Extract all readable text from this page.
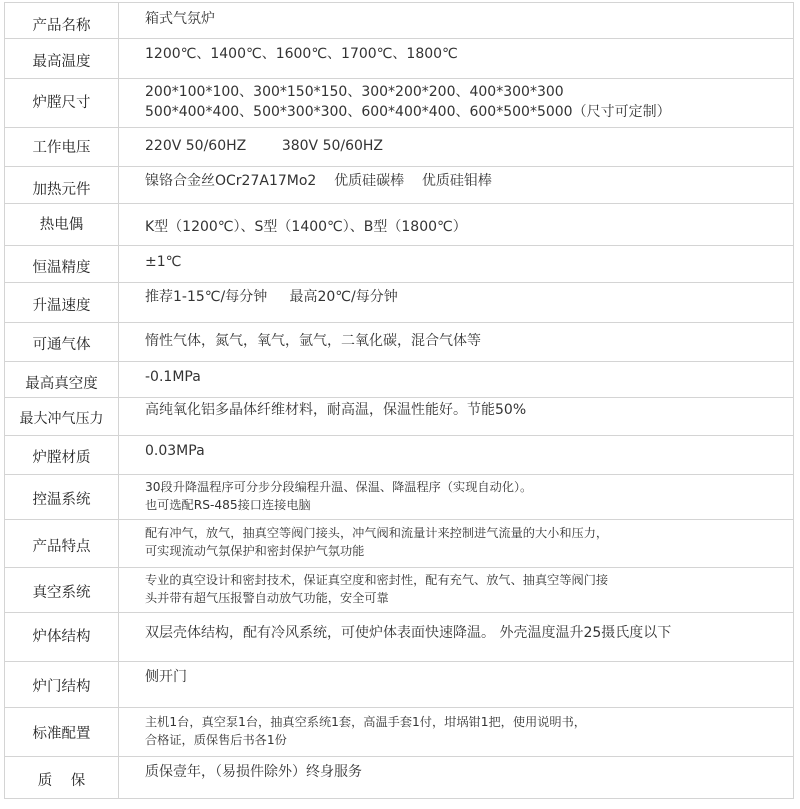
产品名称	箱式气氛炉

最高温度	1200℃、1400℃、1600℃、1700℃、1800℃

炉膛尺寸	200*100*100、300*150*150、300*200*200、400*300*300
500*400*400、500*300*300、600*400*400、600*500*5000（尺寸可定制）

工作电压	220V 50/60HZ        380V 50/60HZ

加热元件	镍铬合金丝OCr27A17Mo2    优质硅碳棒    优质硅钼棒

热电偶	K型（1200℃）、S型（1400℃）、B型（1800℃）

恒温精度	±1℃

升温速度	推荐1-15℃/每分钟     最高20℃/每分钟

可通气体	惰性气体，氮气，氧气，氩气，二氧化碳，混合气体等

最高真空度	-0.1MPa

最大冲气压力	高纯氧化铝多晶体纤维材料，耐高温，保温性能好。节能50%

炉膛材质	0.03MPa

控温系统	30段升降温程序可分步分段编程升温、保温、降温程序（实现自动化）。
也可选配RS-485接口连接电脑

产品特点	配有冲气，放气，抽真空等阀门接头，冲气阀和流量计来控制进气流量的大小和压力，
可实现流动气氛保护和密封保护气氛功能

真空系统	专业的真空设计和密封技术，保证真空度和密封性，配有充气、放气、抽真空等阀门接
头并带有超气压报警自动放气功能，安全可靠

炉体结构	双层壳体结构，配有冷风系统，可使炉体表面快速降温。 外壳温度温升25摄氏度以下

炉门结构	侧开门

标准配置	主机1台，真空泵1台，抽真空系统1套，高温手套1付，坩埚钳1把，使用说明书，
合格证，质保售后书各1份

质    保	质保壹年，（易损件除外）终身服务
